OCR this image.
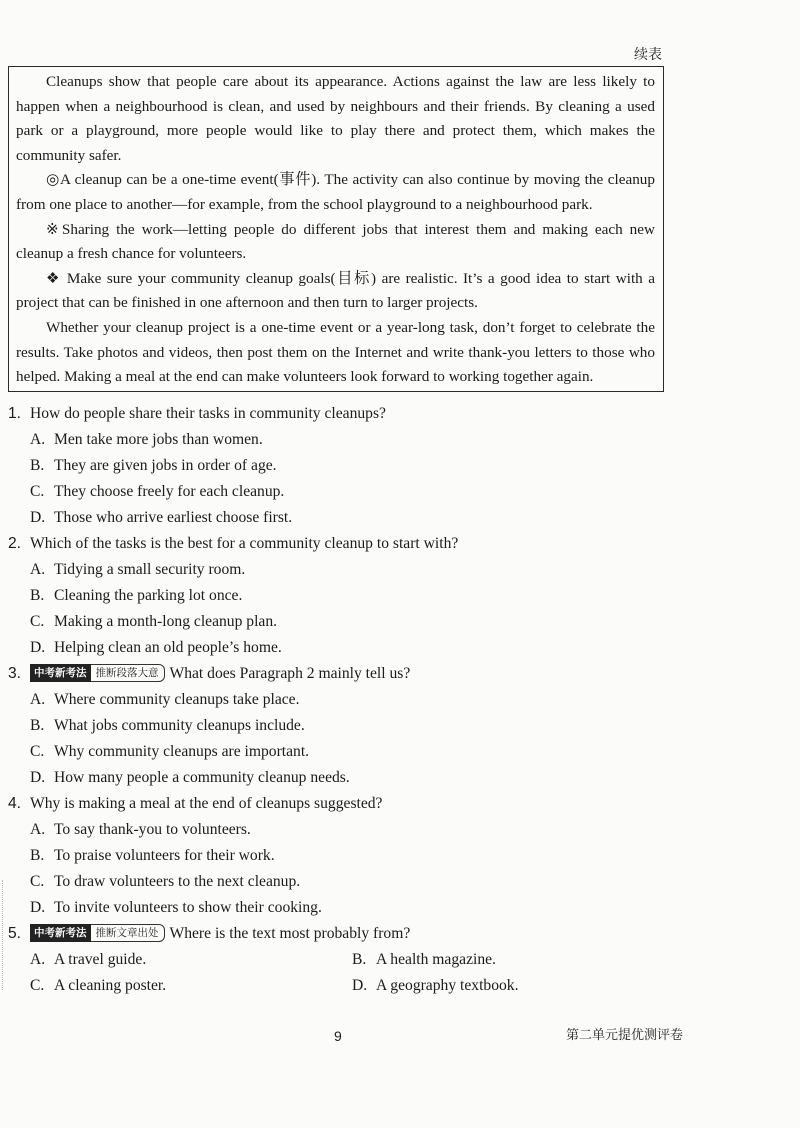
续表

Cleanups show that people care about its appearance. Actions against the law are less likely to happen when a neighbourhood is clean, and used by neighbours and their friends. By cleaning a used park or a playground, more people would like to play there and protect them, which makes the community safer.

◎A cleanup can be a one-time event(事件). The activity can also continue by moving the cleanup from one place to another—for example, from the school playground to a neighbourhood park.

※Sharing the work—letting people do different jobs that interest them and making each new cleanup a fresh chance for volunteers.

❖ Make sure your community cleanup goals(目标) are realistic. It’s a good idea to start with a project that can be finished in one afternoon and then turn to larger projects.

Whether your cleanup project is a one-time event or a year-long task, don’t forget to celebrate the results. Take photos and videos, then post them on the Internet and write thank-you letters to those who helped. Making a meal at the end can make volunteers look forward to working together again.

1. How do people share their tasks in community cleanups?
A. Men take more jobs than women.
B. They are given jobs in order of age.
C. They choose freely for each cleanup.
D. Those who arrive earliest choose first.
2. Which of the tasks is the best for a community cleanup to start with?
A. Tidying a small security room.
B. Cleaning the parking lot once.
C. Making a month-long cleanup plan.
D. Helping clean an old people’s home.
3.	中考新考法 推断段落大意 What does Paragraph 2 mainly tell us?
A. Where community cleanups take place.
B. What jobs community cleanups include.
C. Why community cleanups are important.
D. How many people a community cleanup needs.
4. Why is making a meal at the end of cleanups suggested?
A. To say thank-you to volunteers.
B. To praise volunteers for their work.
C. To draw volunteers to the next cleanup.
D. To invite volunteers to show their cooking.
5.	中考新考法 推断文章出处 Where is the text most probably from?
A. A travel guide.	B. A health magazine.
C. A cleaning poster.	D. A geography textbook.
9	第二单元提优测评卷
